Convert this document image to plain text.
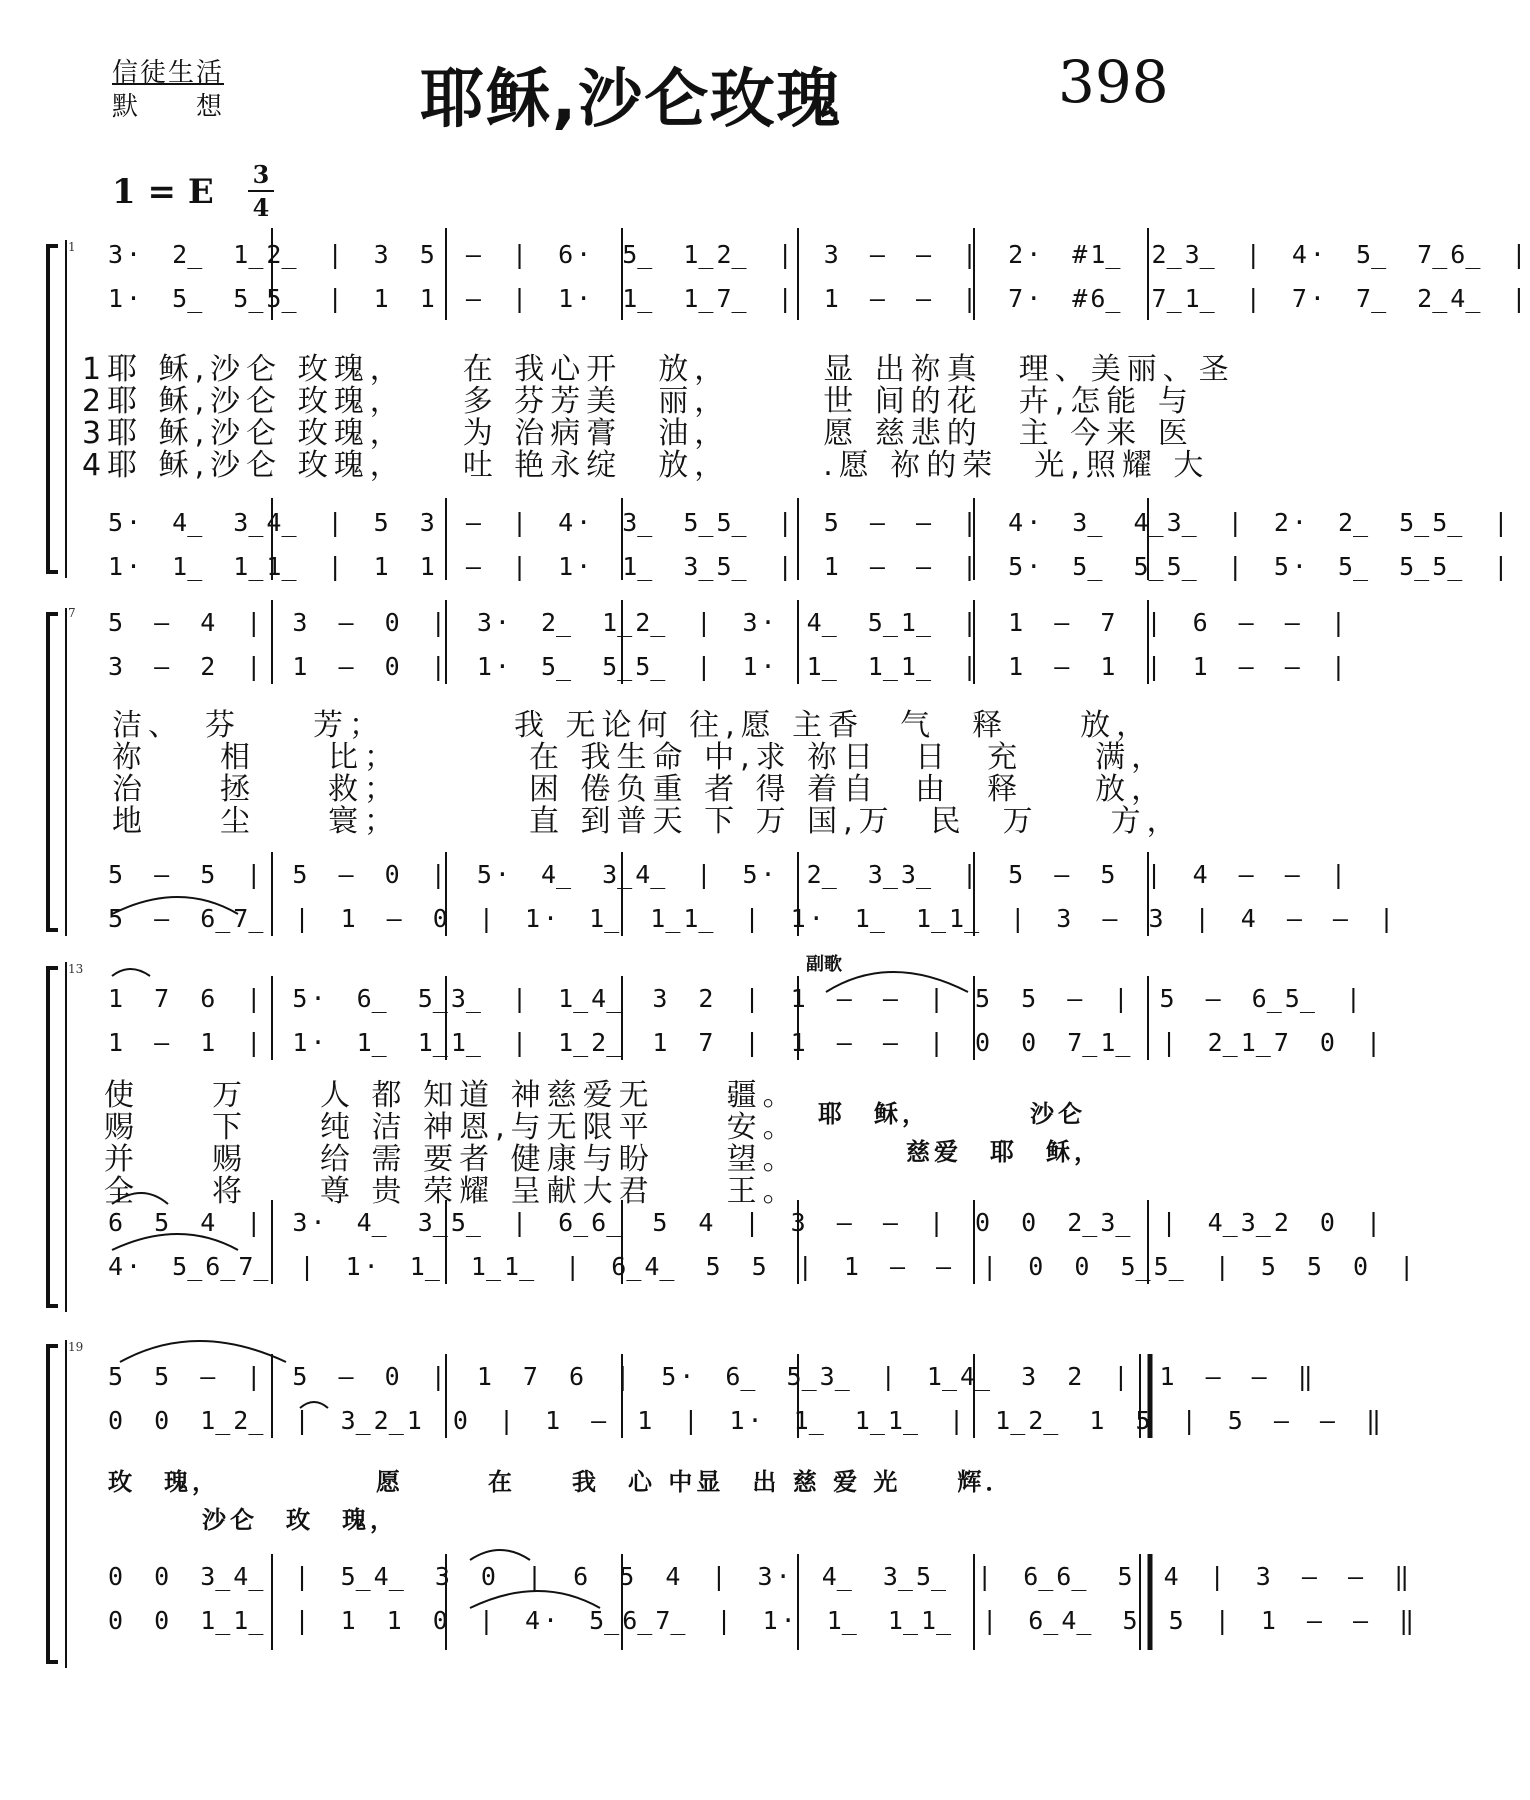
信徒生活
默　　想	耶稣,沙仑玫瑰	398
1 = E 3
4
1
7
13
19
副歌
3· 2̲ 1̲2̲ | 3 5 – | 6· 5̲ 1̲2̲ | 3 – – | 2· #1̲ 2̲3̲ | 4· 5̲ 7̲6̲ |
1· 5̲ 5̲5̲ | 1 1 – | 1· 1̲ 1̲7̲ | 1 – – | 7· #6̲ 7̲1̲ | 7· 7̲ 2̲4̲ |
1耶 稣,沙仑 玫瑰，　　在 我心开　放，　　　显 出祢真　理、美丽、圣
2耶 稣,沙仑 玫瑰，　　多 芬芳美　丽，　　　世 间的花　卉,怎能 与
3耶 稣,沙仑 玫瑰，　　为 治病膏　油，　　　愿 慈悲的　主 今来 医
4耶 稣,沙仑 玫瑰，　　吐 艳永绽　放，　　　.愿 祢的荣　光,照耀 大
5· 4̲ 3̲4̲ | 5 3 – | 4· 3̲ 5̲5̲ | 5 – – | 4· 3̲ 4̲3̲ | 2· 2̲ 5̲5̲ |
1· 1̲ 1̲1̲ | 1 1 – | 1· 1̲ 3̲5̲ | 1 – – | 5· 5̲ 5̲5̲ | 5· 5̲ 5̲5̲ |
5 – 4 | 3 – 0 | 3· 2̲ 1̲2̲ | 3· 4̲ 5̲1̲ | 1 – 7 | 6 – – |
3 – 2 | 1 – 0 | 1· 5̲ 5̲5̲ | 1· 1̲ 1̲1̲ | 1 – 1 | 1 – – |
洁、　芬　　芳；　　　　我 无论何 往,愿 主香　气　释　　放，
祢　　相　　比；　　　　在 我生命 中,求 祢日　日　充　　满，
治　　拯　　救；　　　　困 倦负重 者 得 着自　由　释　　放，
地　　尘　　寰；　　　　直 到普天 下 万 国,万　民　万　　方，
5 – 5 | 5 – 0 | 5· 4̲ 3̲4̲ | 5· 2̲ 3̲3̲ | 5 – 5 | 4 – – |
5 – 6̲7̲ | 1 – 0 | 1· 1̲ 1̲1̲ | 1· 1̲ 1̲1̲ | 3 – 3 | 4 – – |
1 7 6 | 5· 6̲ 5̲3̲ | 1̲4̲ 3 2 | 1 – – | 5 5 – | 5 – 6̲5̲ |
1 – 1 | 1· 1̲ 1̲1̲ | 1̲2̲ 1 7 | 1 – – | 0 0 7̲1̲ | 2̲1̲7 0 |
使　　万　　人 都 知道 神慈爱无　　疆。
赐　　下　　纯 洁 神恩,与无限平　　安。
并　　赐　　给 需 要者 健康与盼　　望。
全　　将　　尊 贵 荣耀 呈献大君　　王。
耶　稣，　　　　沙仑
慈爱　耶　稣，
6 5 4 | 3· 4̲ 3̲5̲ | 6̲6̲ 5 4 | 3 – – | 0 0 2̲3̲ | 4̲3̲2 0 |
4· 5̲6̲7̲ | 1· 1̲ 1̲1̲ | 6̲4̲ 5 5 | 1 – – | 0 0 5̲5̲ | 5 5 0 |
5 5 – | 5 – 0 | 1 7 6 | 5· 6̲ 5̲3̲ | 1̲4̲ 3 2 | 1 – – ‖
0 0 1̲2̲ | 3̲2̲1 0 | 1 – 1 | 1· 1̲ 1̲1̲ | 1̲2̲ 1 5 | 5 – – ‖
玫　瑰，　　　　　　愿　　　在　　我　心 中显　出 慈 爱 光　　辉．
沙仑　玫　瑰，
0 0 3̲4̲ | 5̲4̲ 3 0 | 6 5 4 | 3· 4̲ 3̲5̲ | 6̲6̲ 5 4 | 3 – – ‖
0 0 1̲1̲ | 1 1 0 | 4· 5̲6̲7̲ | 1· 1̲ 1̲1̲ | 6̲4̲ 5 5 | 1 – – ‖
